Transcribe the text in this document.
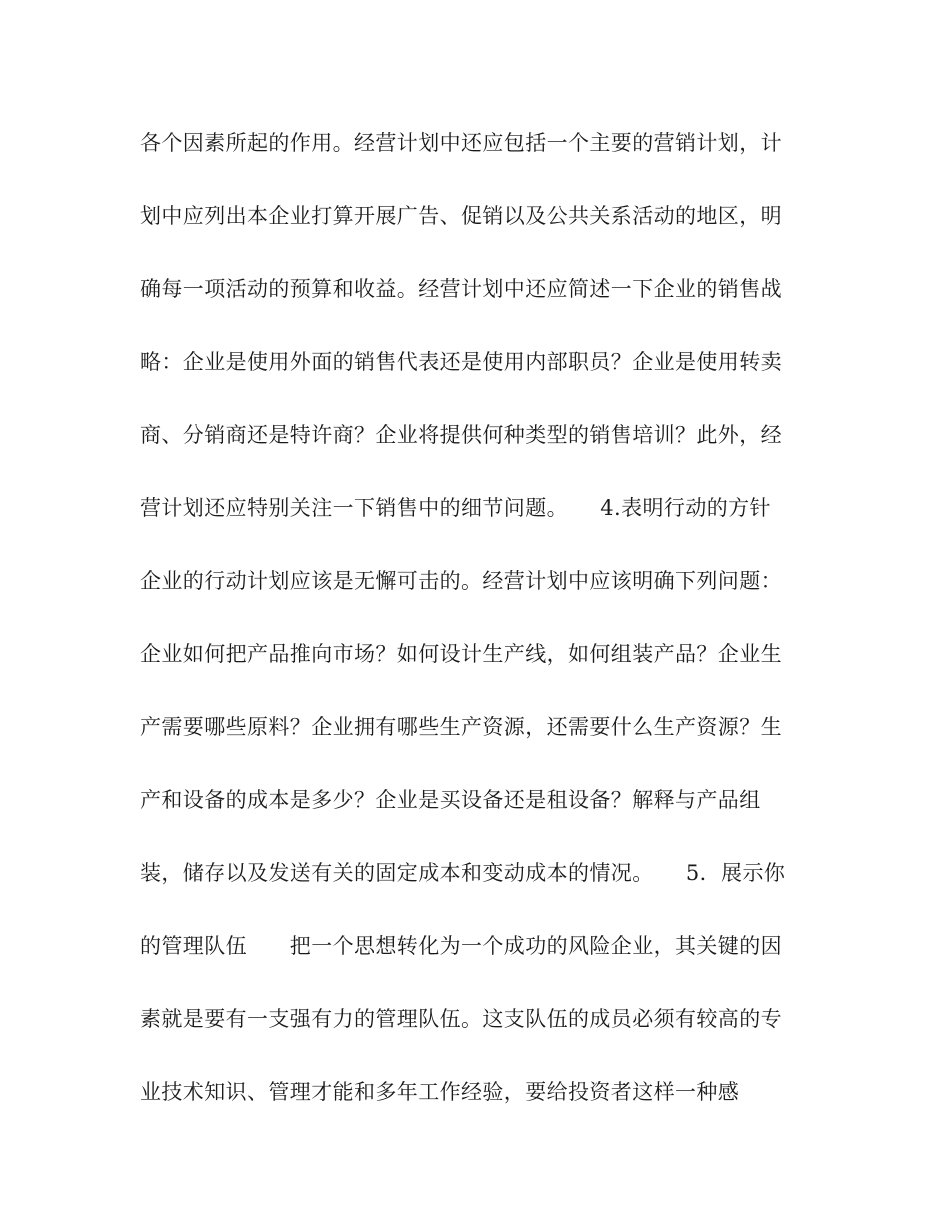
各个因素所起的作用。经营计划中还应包括一个主要的营销计划，计
划中应列出本企业打算开展广告、促销以及公共关系活动的地区，明
确每一项活动的预算和收益。经营计划中还应简述一下企业的销售战
略：企业是使用外面的销售代表还是使用内部职员？企业是使用转卖
商、分销商还是特许商？企业将提供何种类型的销售培训？此外，经
营计划还应特别关注一下销售中的细节问题。　　4.表明行动的方针
企业的行动计划应该是无懈可击的。经营计划中应该明确下列问题：
企业如何把产品推向市场？如何设计生产线，如何组装产品？企业生
产需要哪些原料？企业拥有哪些生产资源，还需要什么生产资源？生
产和设备的成本是多少？企业是买设备还是租设备？解释与产品组
装，储存以及发送有关的固定成本和变动成本的情况。　　5．展示你
的管理队伍　　把一个思想转化为一个成功的风险企业，其关键的因
素就是要有一支强有力的管理队伍。这支队伍的成员必须有较高的专
业技术知识、管理才能和多年工作经验，要给投资者这样一种感
